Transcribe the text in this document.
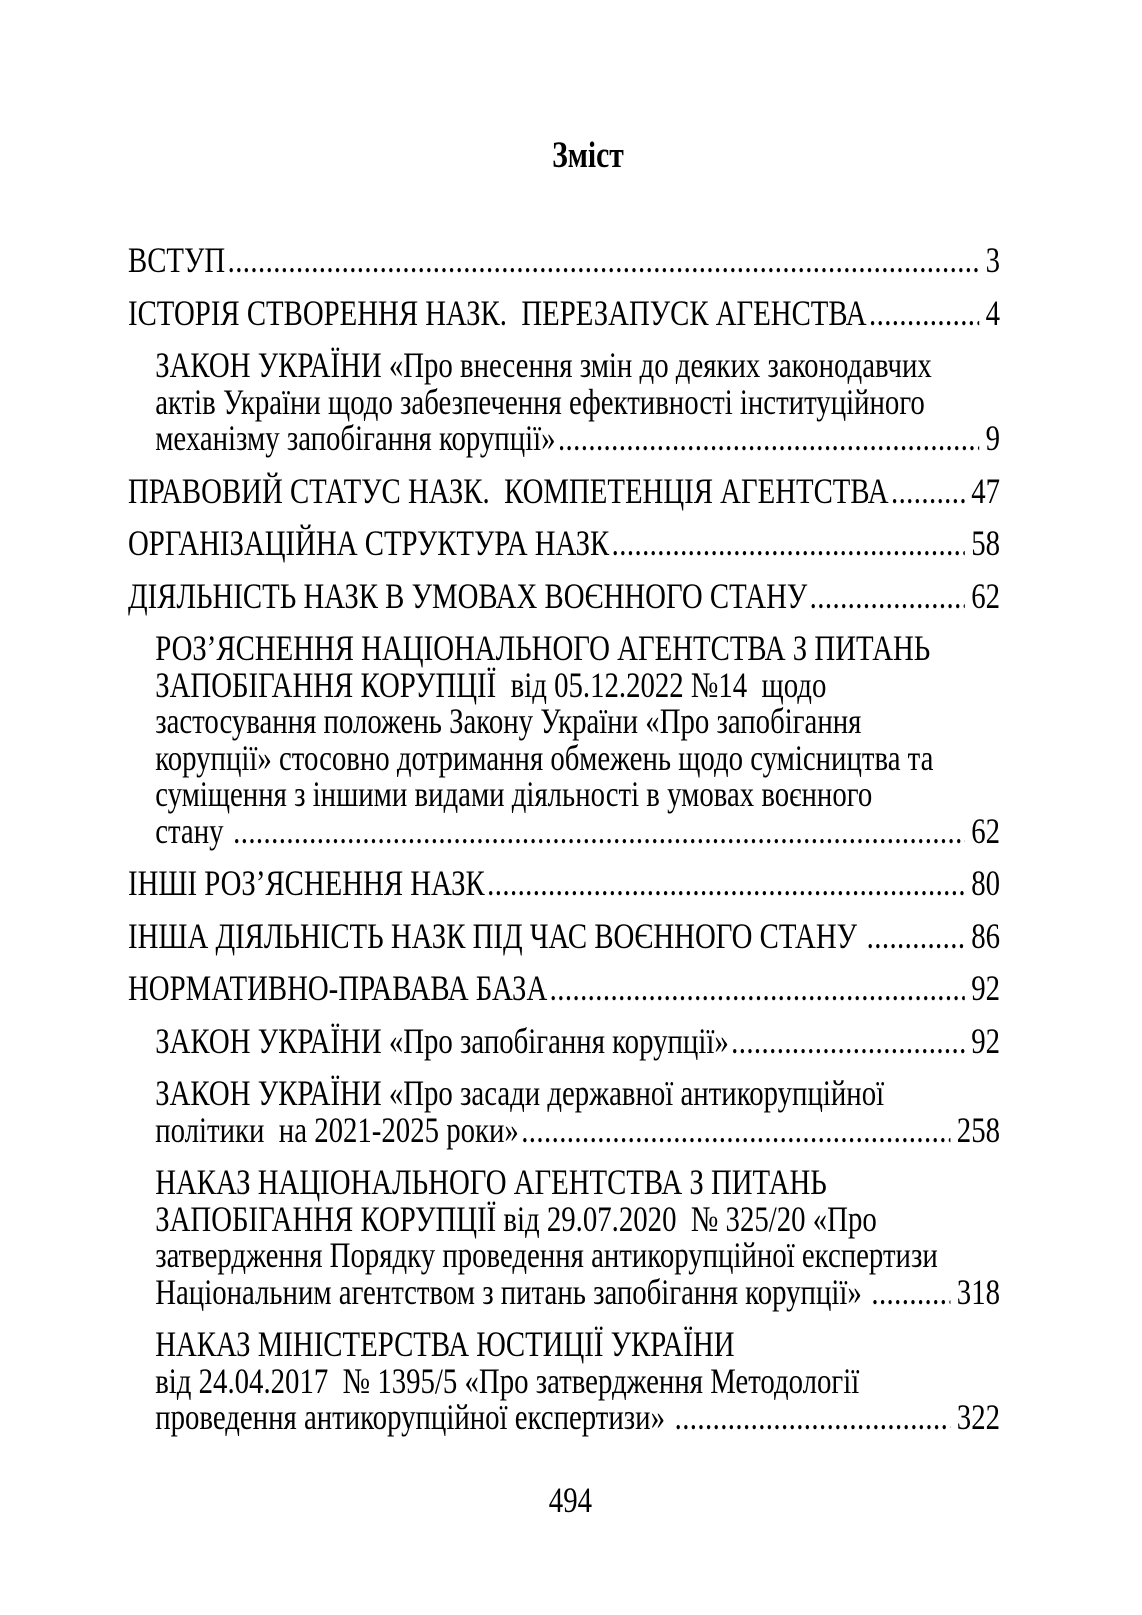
Зміст
ВСТУП .....	3
ІСТОРІЯ СТВОРЕННЯ НАЗК.  ПЕРЕЗАПУСК АГЕНСТВА .....	4
ЗАКОН УКРАЇНИ «Про внесення змін до деяких законодавчих
актів України щодо забезпечення ефективності інституційного
механізму запобігання корупції» .....	9
ПРАВОВИЙ СТАТУС НАЗК.  КОМПЕТЕНЦІЯ АГЕНТСТВА ..... 47
ОРГАНІЗАЦІЙНА СТРУКТУРА НАЗК .....	58
ДІЯЛЬНІСТЬ НАЗК В УМОВАХ ВОЄННОГО СТАНУ .....	62
РОЗ’ЯСНЕННЯ НАЦІОНАЛЬНОГО АГЕНТСТВА З ПИТАНЬ
ЗАПОБІГАННЯ КОРУПЦІЇ  від 05.12.2022 №14  щодо
застосування положень Закону України «Про запобігання
корупції» стосовно дотримання обмежень щодо сумісництва та
суміщення з іншими видами діяльності в умовах воєнного
стану .....	62
ІНШІ РОЗ’ЯСНЕННЯ НАЗК .....	80
ІНША ДІЯЛЬНІСТЬ НАЗК ПІД ЧАС ВОЄННОГО СТАНУ .....	86
НОРМАТИВНО-ПРАВАВА БАЗА .....	92
ЗАКОН УКРАЇНИ «Про запобігання корупції» .....	92
ЗАКОН УКРАЇНИ «Про засади державної антикорупційної
політики  на 2021-2025 роки» .....	258
НАКАЗ НАЦІОНАЛЬНОГО АГЕНТСТВА З ПИТАНЬ
ЗАПОБІГАННЯ КОРУПЦІЇ від 29.07.2020  № 325/20 «Про
затвердження Порядку проведення антикорупційної експертизи
Національним агентством з питань запобігання корупції» ..... 318
НАКАЗ МІНІСТЕРСТВА ЮСТИЦІЇ УКРАЇНИ
від 24.04.2017  № 1395/5 «Про затвердження Методології
проведення антикорупційної експертизи» .....	322
494
